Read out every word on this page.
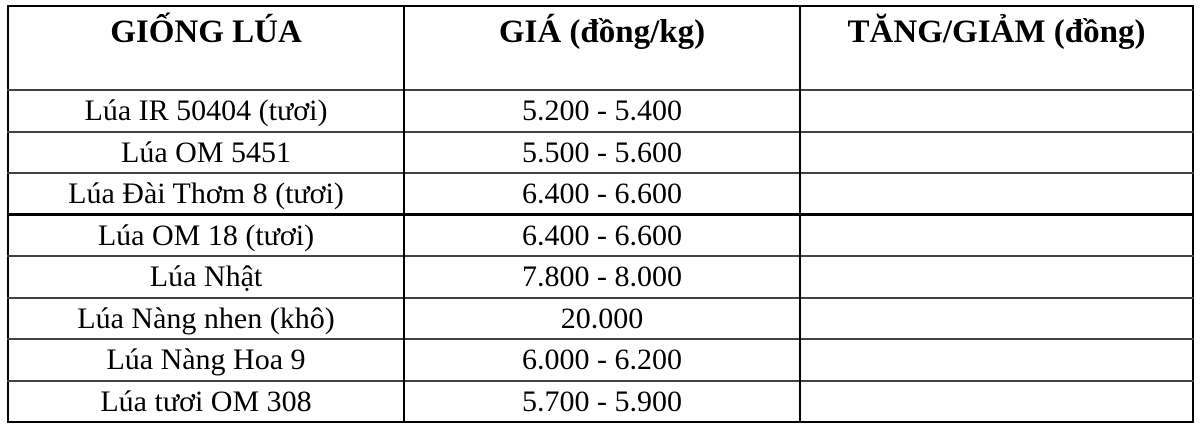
GIỐNG LÚA	GIÁ (đồng/kg)	TĂNG/GIẢM (đồng)
Lúa IR 50404 (tươi)	5.200 - 5.400	
Lúa OM 5451	5.500 - 5.600	
Lúa Đài Thơm 8 (tươi)	6.400 - 6.600	
Lúa OM 18 (tươi)	6.400 - 6.600	
Lúa Nhật	7.800 - 8.000	
Lúa Nàng nhen (khô)	20.000	
Lúa Nàng Hoa 9	6.000 - 6.200	
Lúa tươi OM 308	5.700 - 5.900	
